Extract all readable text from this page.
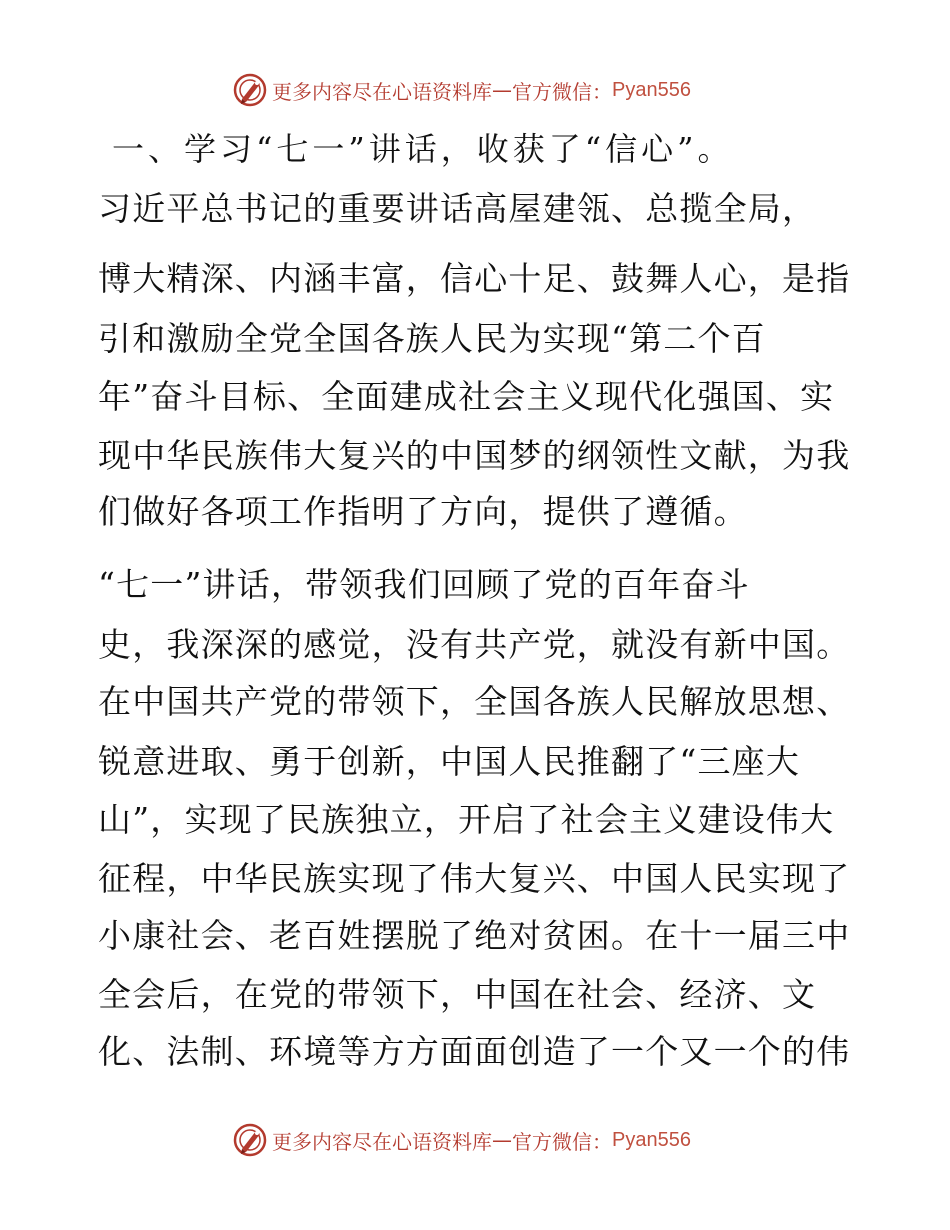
更多内容尽在心语资料库 — 官方微信： Pyan556
一、学习“七一”讲话，收获了“信心”。
习近平总书记的重要讲话高屋建瓴、总揽全局，
博大精深、内涵丰富，信心十足、鼓舞人心，是指
引和激励全党全国各族人民为实现“第二个百
年”奋斗目标、全面建成社会主义现代化强国、实
现中华民族伟大复兴的中国梦的纲领性文献，为我
们做好各项工作指明了方向，提供了遵循。
“七一”讲话，带领我们回顾了党的百年奋斗
史，我深深的感觉，没有共产党，就没有新中国。
在中国共产党的带领下，全国各族人民解放思想、
锐意进取、勇于创新，中国人民推翻了“三座大
山”，实现了民族独立，开启了社会主义建设伟大
征程，中华民族实现了伟大复兴、中国人民实现了
小康社会、老百姓摆脱了绝对贫困。在十一届三中
全会后，在党的带领下，中国在社会、经济、文
化、法制、环境等方方面面创造了一个又一个的伟
更多内容尽在心语资料库 — 官方微信： Pyan556
